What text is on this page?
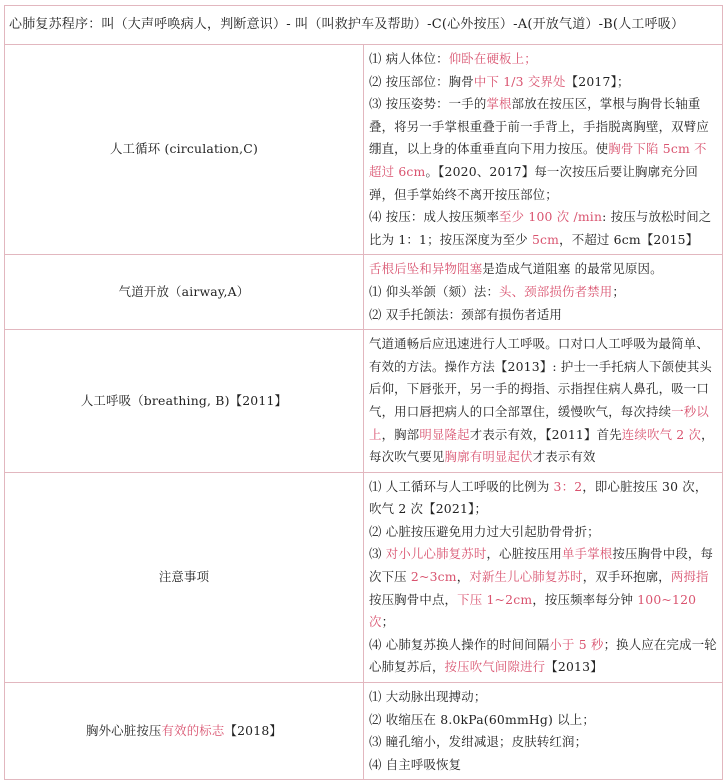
心肺复苏程序：叫（大声呼唤病人，判断意识）- 叫（叫救护车及帮助）-C(心外按压）-A(开放气道）-B(人工呼吸）	
人工循环 (circulation,C)	⑴ 病人体位：仰卧在硬板上；
⑵ 按压部位：胸骨中下 1/3 交界处【2017】；
⑶ 按压姿势：一手的掌根部放在按压区，掌根与胸骨长轴重叠，将另一手掌根重叠于前一手背上，手指脱离胸壁，双臂应绷直，以上身的体重垂直向下用力按压。使胸骨下陷 5cm 不超过 6cm。【2020、2017】每一次按压后要让胸廓充分回弹，但手掌始终不离开按压部位；
⑷ 按压：成人按压频率至少 100 次 /min: 按压与放松时间之比为 1：1；按压深度为至少 5cm，不超过 6cm【2015】

气道开放（airway,A）	舌根后坠和异物阻塞是造成气道阻塞 的最常见原因。
⑴ 仰头举颌（颏）法：头、颈部损伤者禁用；
⑵ 双手托颌法：颈部有损伤者适用

人工呼吸（breathing, B)【2011】	气道通畅后应迅速进行人工呼吸。口对口人工呼吸为最简单、有效的方法。操作方法【2013】: 护士一手托病人下颌使其头后仰，下唇张开，另一手的拇指、示指捏住病人鼻孔，吸一口气，用口唇把病人的口全部罩住，缓慢吹气，每次持续一秒以上，胸部明显隆起才表示有效，【2011】首先连续吹气 2 次，每次吹气要见胸廓有明显起伏才表示有效

注意事项	⑴ 人工循环与人工呼吸的比例为 3：2，即心脏按压 30 次，吹气 2 次【2021】；
⑵ 心脏按压避免用力过大引起肋骨骨折；
⑶ 对小儿心肺复苏时，心脏按压用单手掌根按压胸骨中段，每次下压 2~3cm，对新生儿心肺复苏时，双手环抱廓，两拇指按压胸骨中点，下压 1~2cm，按压频率每分钟 100~120 次；
⑷ 心肺复苏换人操作的时间间隔小于 5 秒；换人应在完成一轮心肺复苏后，按压吹气间隙进行【2013】

胸外心脏按压有效的标志【2018】	⑴ 大动脉出现搏动；
⑵ 收缩压在 8.0kPa(60mmHg) 以上；
⑶ 瞳孔缩小，发绀减退；皮肤转红润；
⑷ 自主呼吸恢复
